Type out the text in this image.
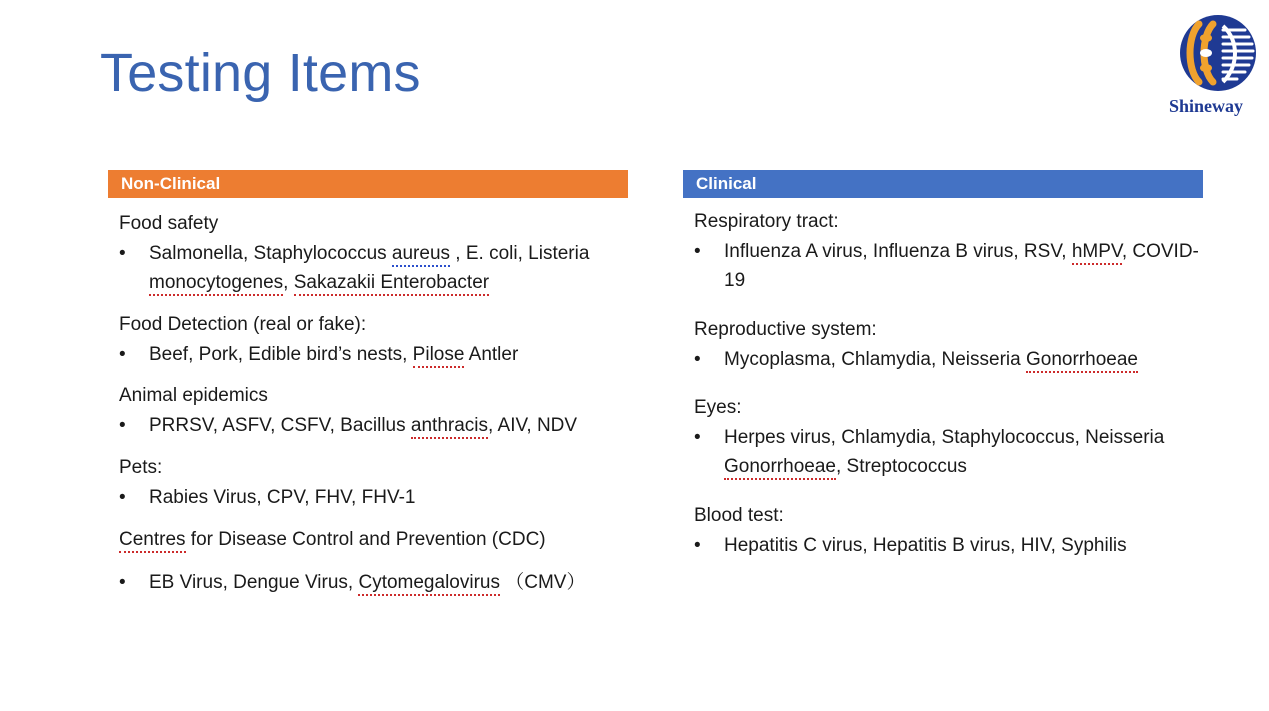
Testing Items
Shineway
Non-Clinical
Food safety
•	Salmonella, Staphylococcus aureus , E. coli, Listeria monocytogenes, Sakazakii Enterobacter
Food Detection (real or fake):
•	Beef, Pork, Edible bird’s nests, Pilose Antler
Animal epidemics
•	PRRSV, ASFV, CSFV, Bacillus anthracis, AIV, NDV
Pets:
•	Rabies Virus, CPV, FHV, FHV-1
Centres for Disease Control and Prevention (CDC)
•	EB Virus, Dengue Virus, Cytomegalovirus （CMV）
Clinical
Respiratory tract:
•	Influenza A virus, Influenza B virus, RSV, hMPV, COVID-19
Reproductive system:
•	Mycoplasma, Chlamydia, Neisseria Gonorrhoeae
Eyes:
•	Herpes virus, Chlamydia, Staphylococcus, Neisseria Gonorrhoeae, Streptococcus
Blood test:
•	Hepatitis C virus, Hepatitis B virus, HIV, Syphilis
